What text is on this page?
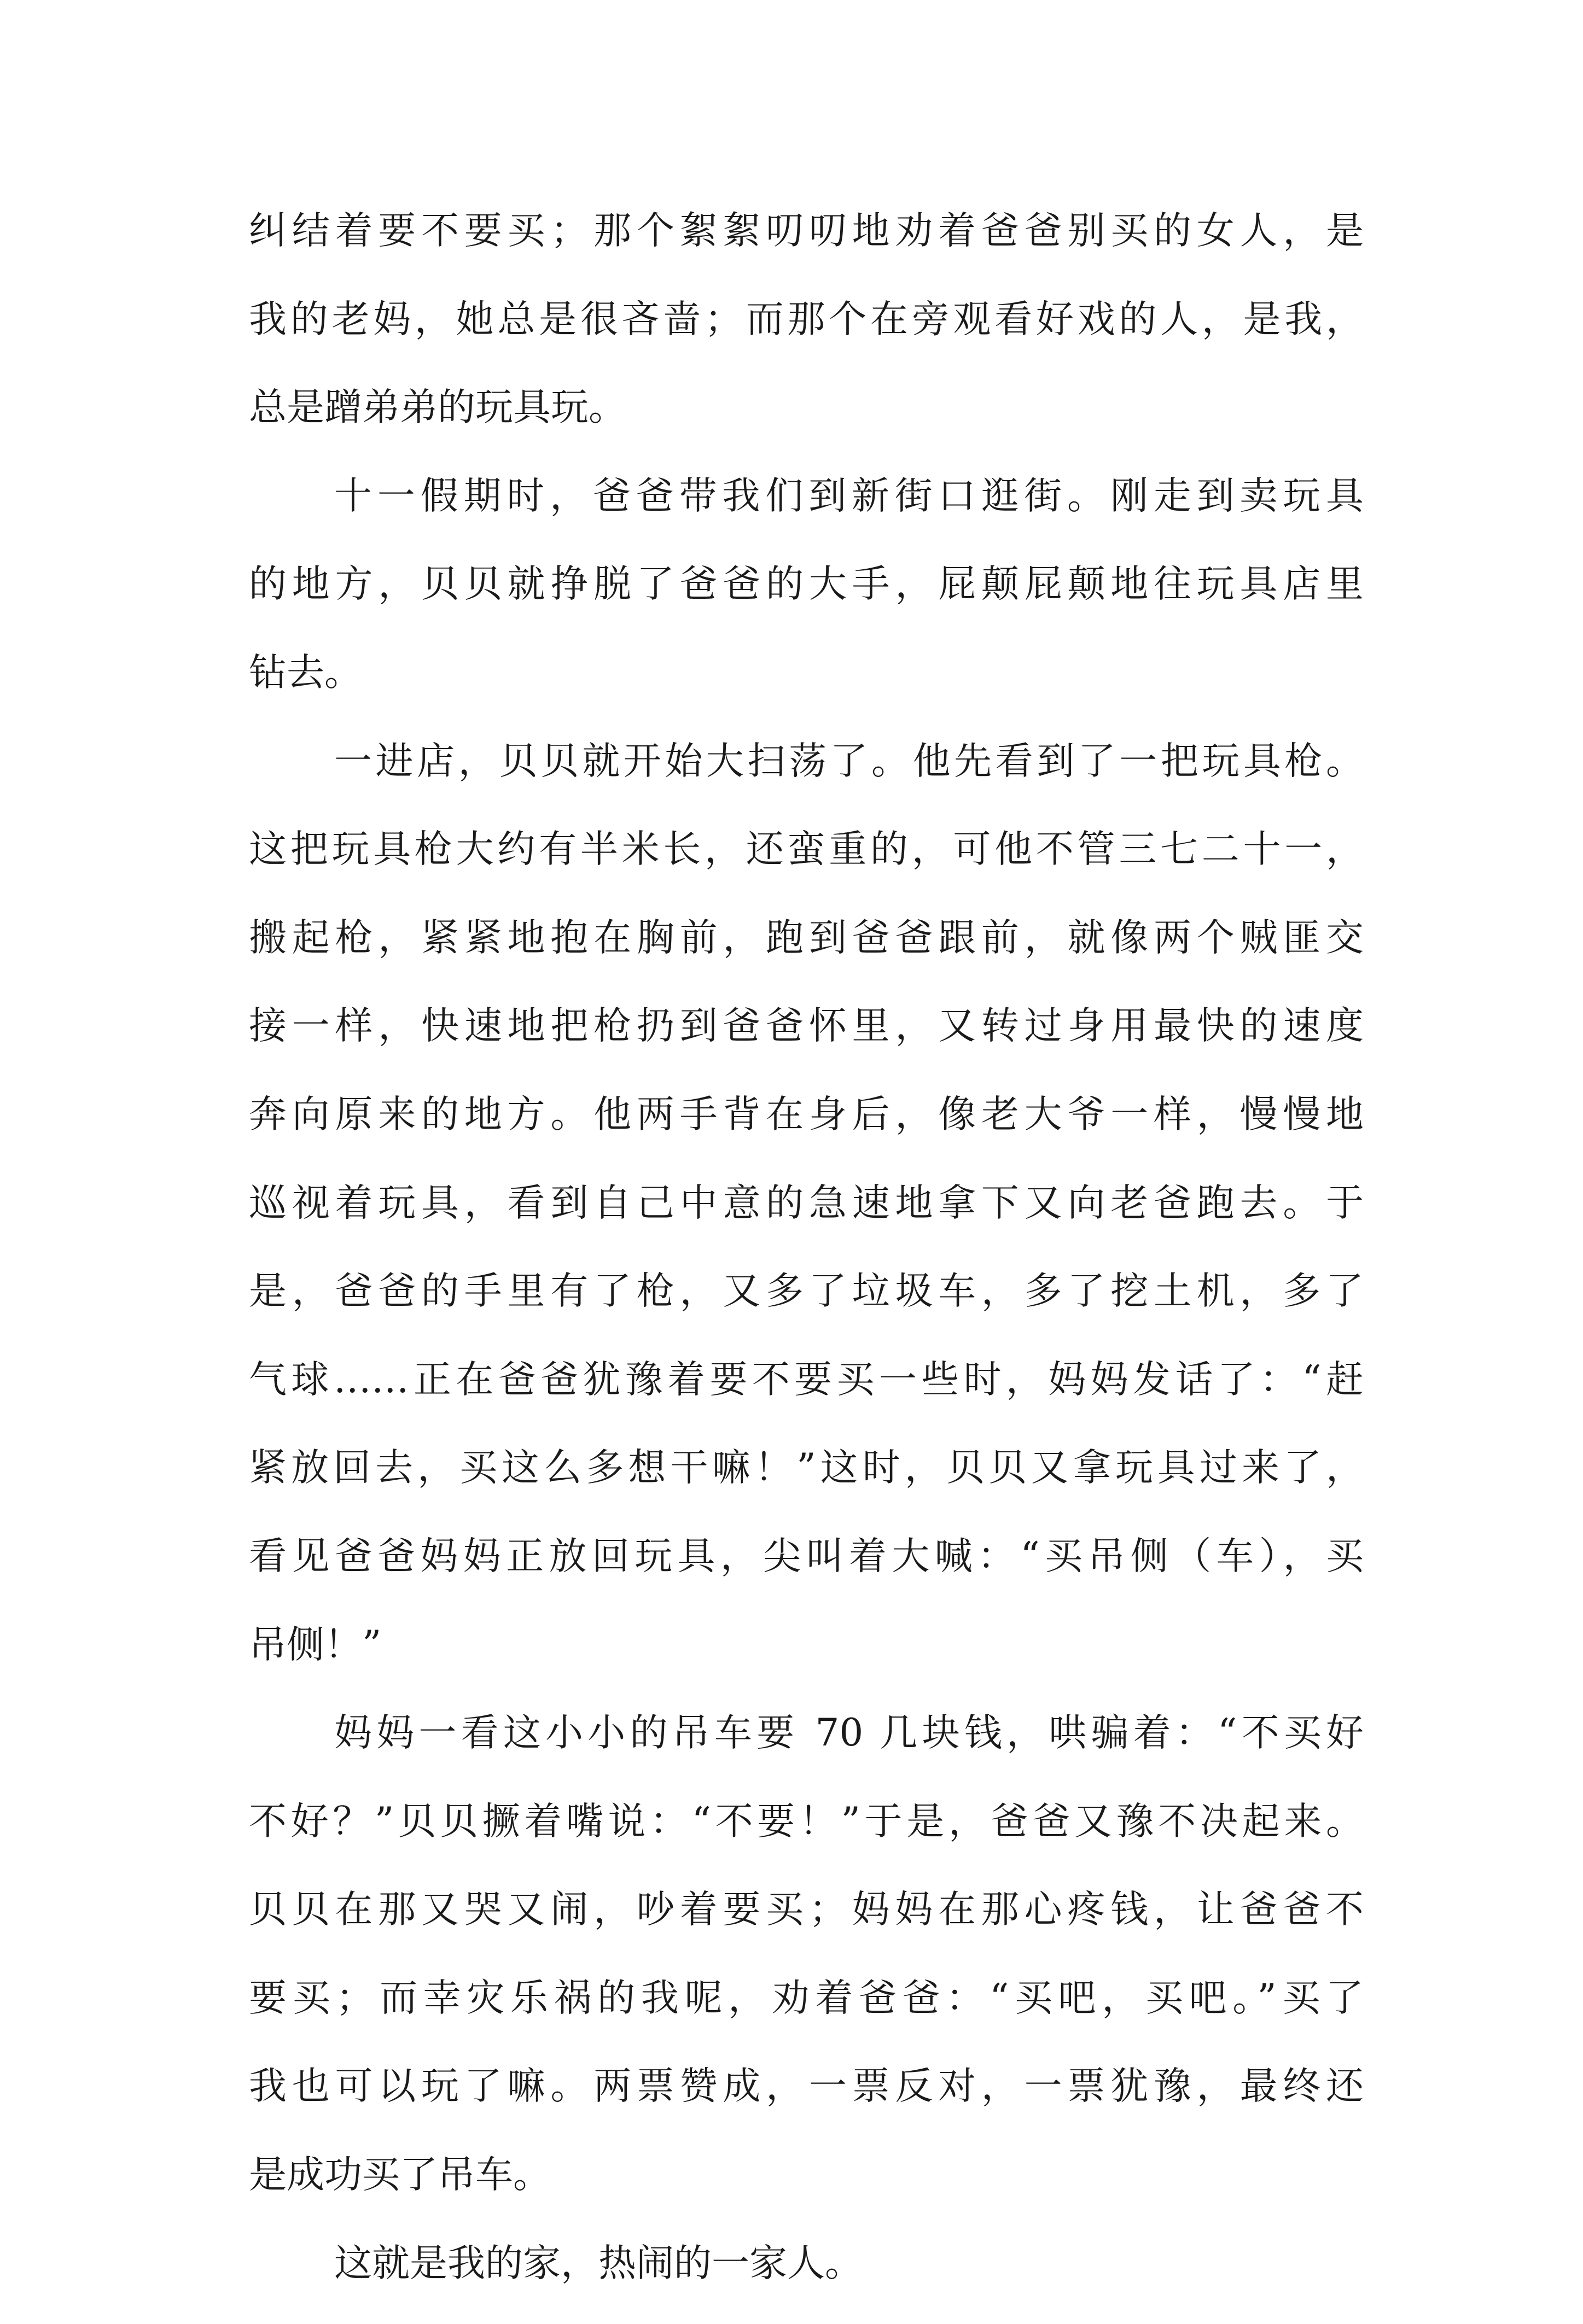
纠结着要不要买；那个絮絮叨叨地劝着爸爸别买的女人，是
我的老妈，她总是很吝啬；而那个在旁观看好戏的人，是我，
总是蹭弟弟的玩具玩。
十一假期时，爸爸带我们到新街口逛街。刚走到卖玩具
的地方，贝贝就挣脱了爸爸的大手，屁颠屁颠地往玩具店里
钻去。
一进店，贝贝就开始大扫荡了。他先看到了一把玩具枪。
这把玩具枪大约有半米长，还蛮重的，可他不管三七二十一，
搬起枪，紧紧地抱在胸前，跑到爸爸跟前，就像两个贼匪交
接一样，快速地把枪扔到爸爸怀里，又转过身用最快的速度
奔向原来的地方。他两手背在身后，像老大爷一样，慢慢地
巡视着玩具，看到自己中意的急速地拿下又向老爸跑去。于
是，爸爸的手里有了枪，又多了垃圾车，多了挖土机，多了
气球……正在爸爸犹豫着要不要买一些时，妈妈发话了：“赶
紧放回去，买这么多想干嘛！”这时，贝贝又拿玩具过来了，
看见爸爸妈妈正放回玩具，尖叫着大喊：“买吊侧（车），买
吊侧！”
妈妈一看这小小的吊车要 70 几块钱，哄骗着：“不买好
不好？”贝贝撅着嘴说：“不要！”于是，爸爸又豫不决起来。
贝贝在那又哭又闹，吵着要买；妈妈在那心疼钱，让爸爸不
要买；而幸灾乐祸的我呢，劝着爸爸：“买吧，买吧。”买了
我也可以玩了嘛。两票赞成，一票反对，一票犹豫，最终还
是成功买了吊车。
这就是我的家，热闹的一家人。
